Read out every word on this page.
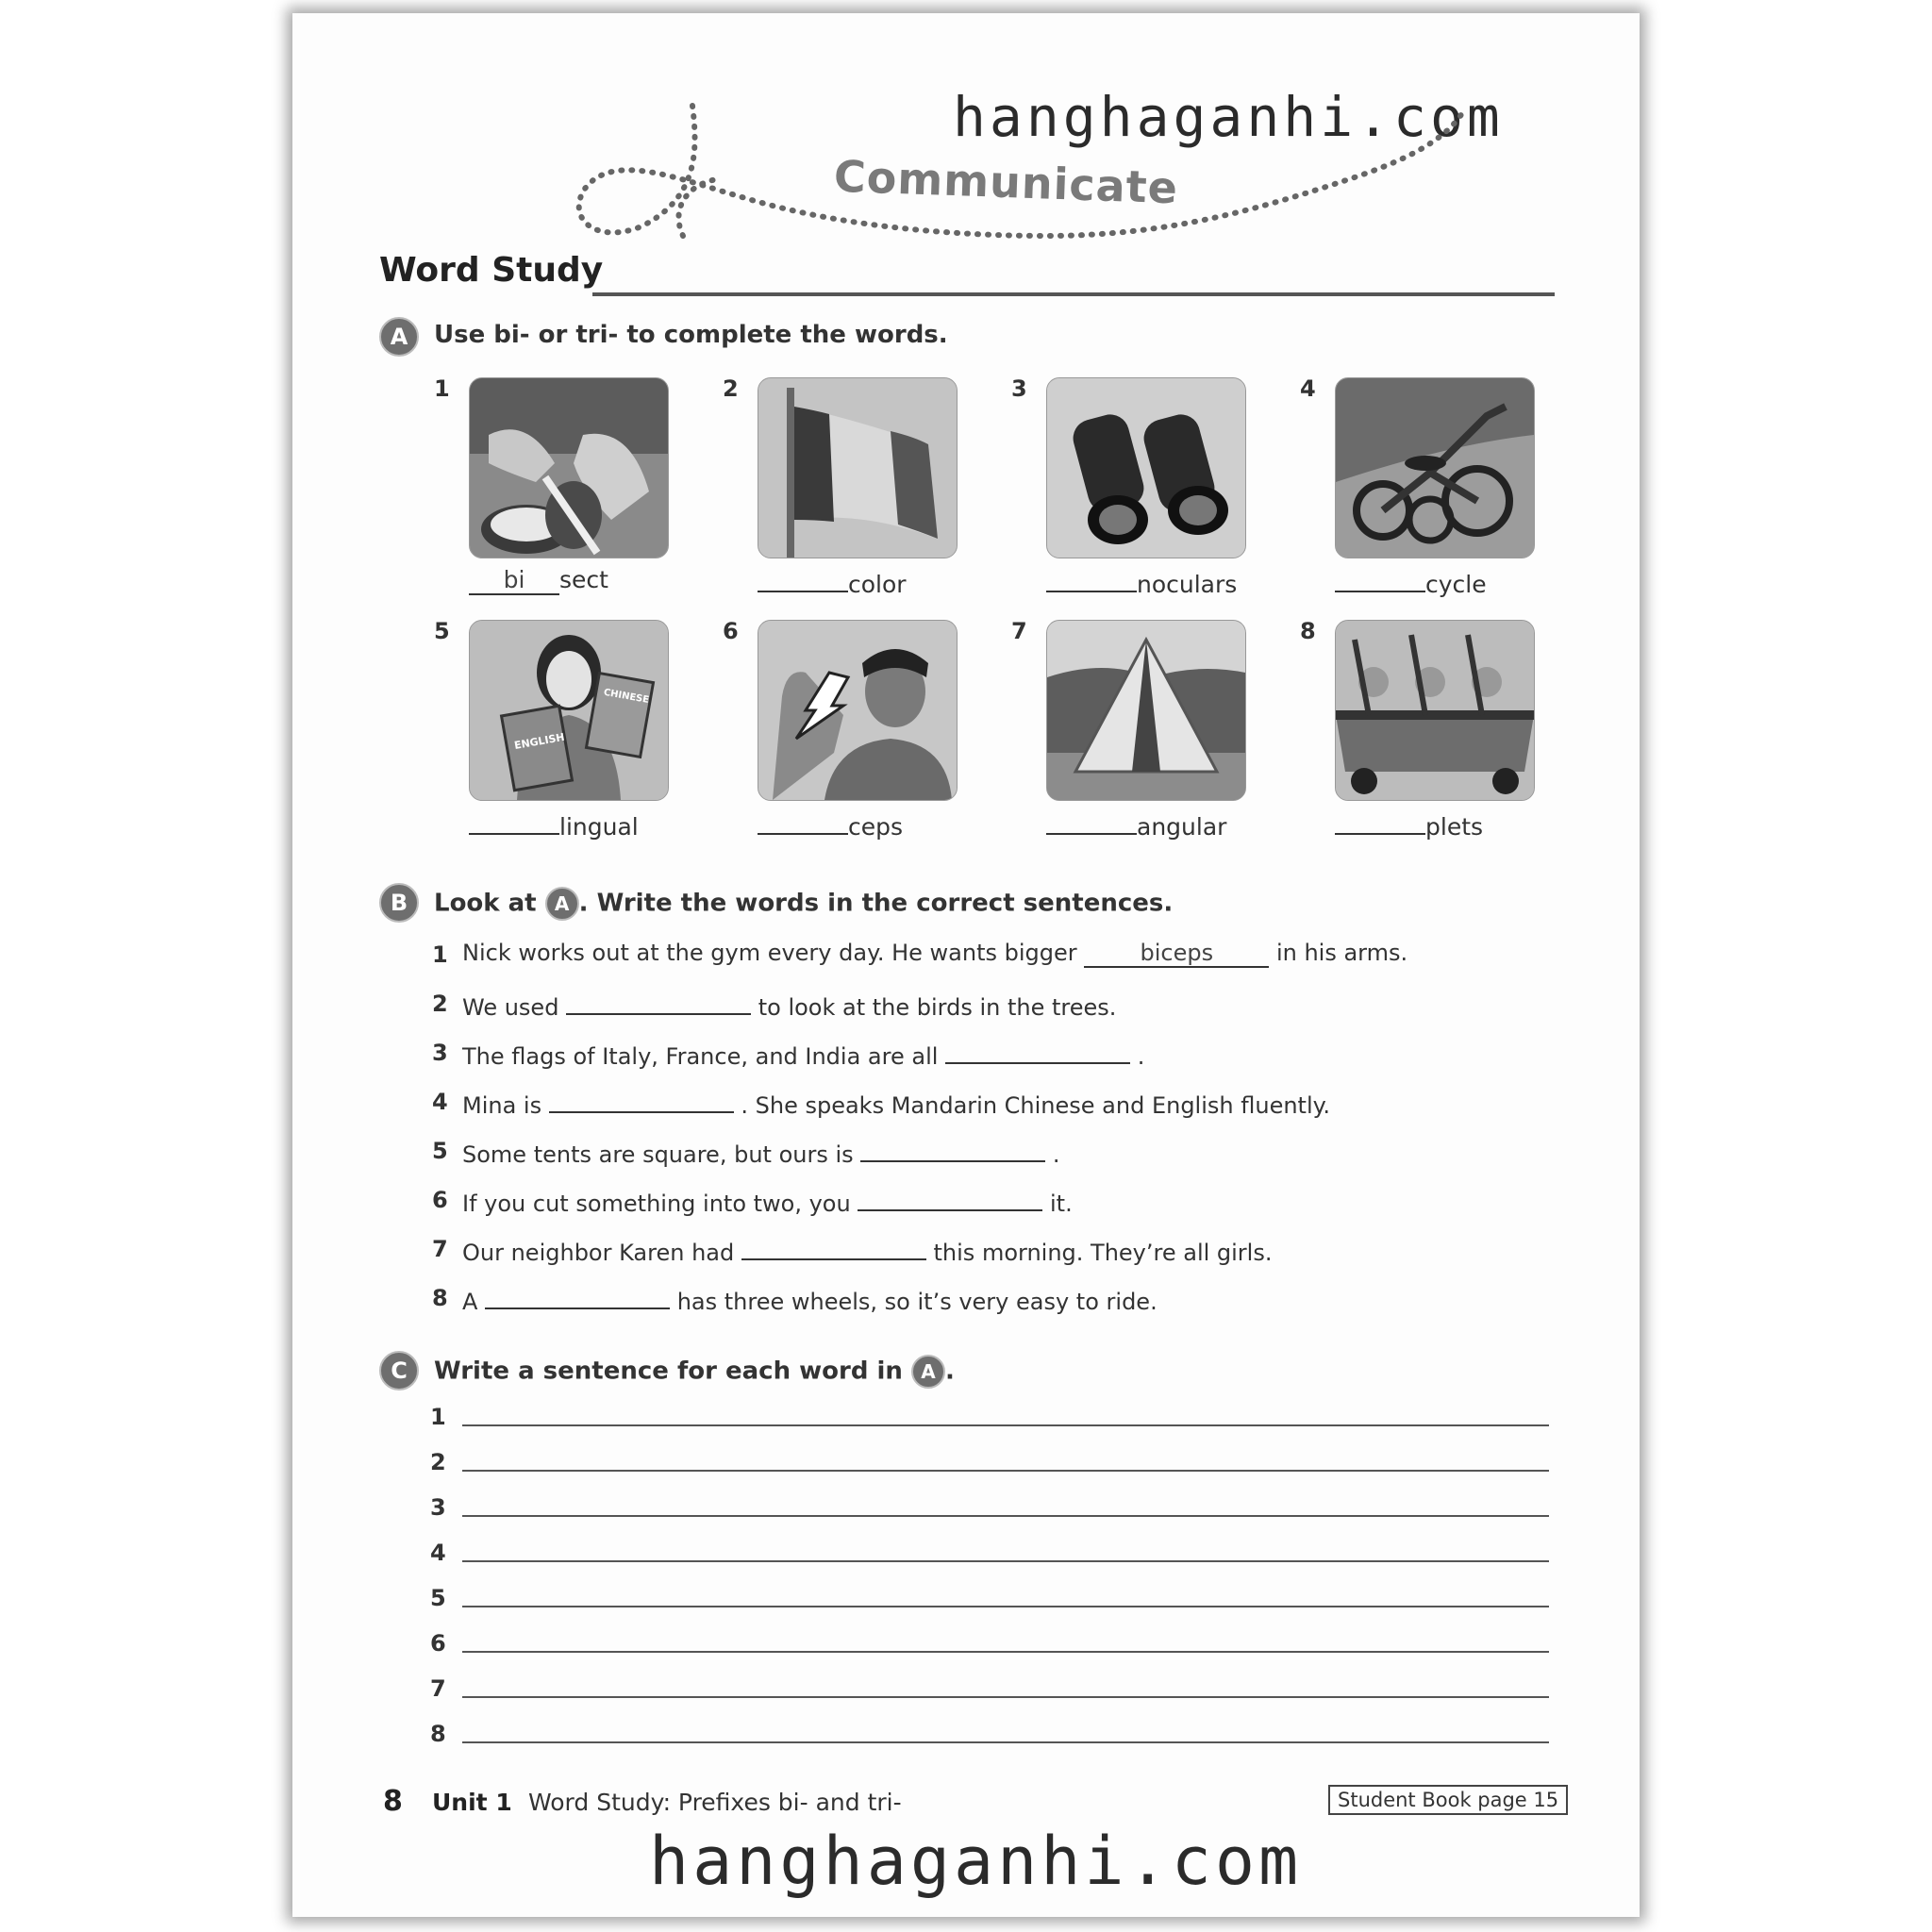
hanghaganhi.com
Communicate
Word Study
A	Use bi- or tri- to complete the words.
1
bi sect
2
color
3
noculars
4
cycle
5
ENGLISH
CHINESE
lingual
6
ceps
7
angular
8
plets
B	Look at A . Write the words in the correct sentences.
1 Nick works out at the gym every day. He wants bigger	biceps	in his arms.
2 We used	to look at the birds in the trees.
3 The flags of Italy, France, and India are all	.
4 Mina is	. She speaks Mandarin Chinese and English fluently.
5 Some tents are square, but ours is	.
6 If you cut something into two, you	it.
7 Our neighbor Karen had	this morning. They’re all girls.
8 A	has three wheels, so it’s very easy to ride.
C	Write a sentence for each word in A .
1
2
3
4
5
6
7
8
8 Unit 1 Word Study: Prefixes bi- and tri-	Student Book page 15
hanghaganhi.com
